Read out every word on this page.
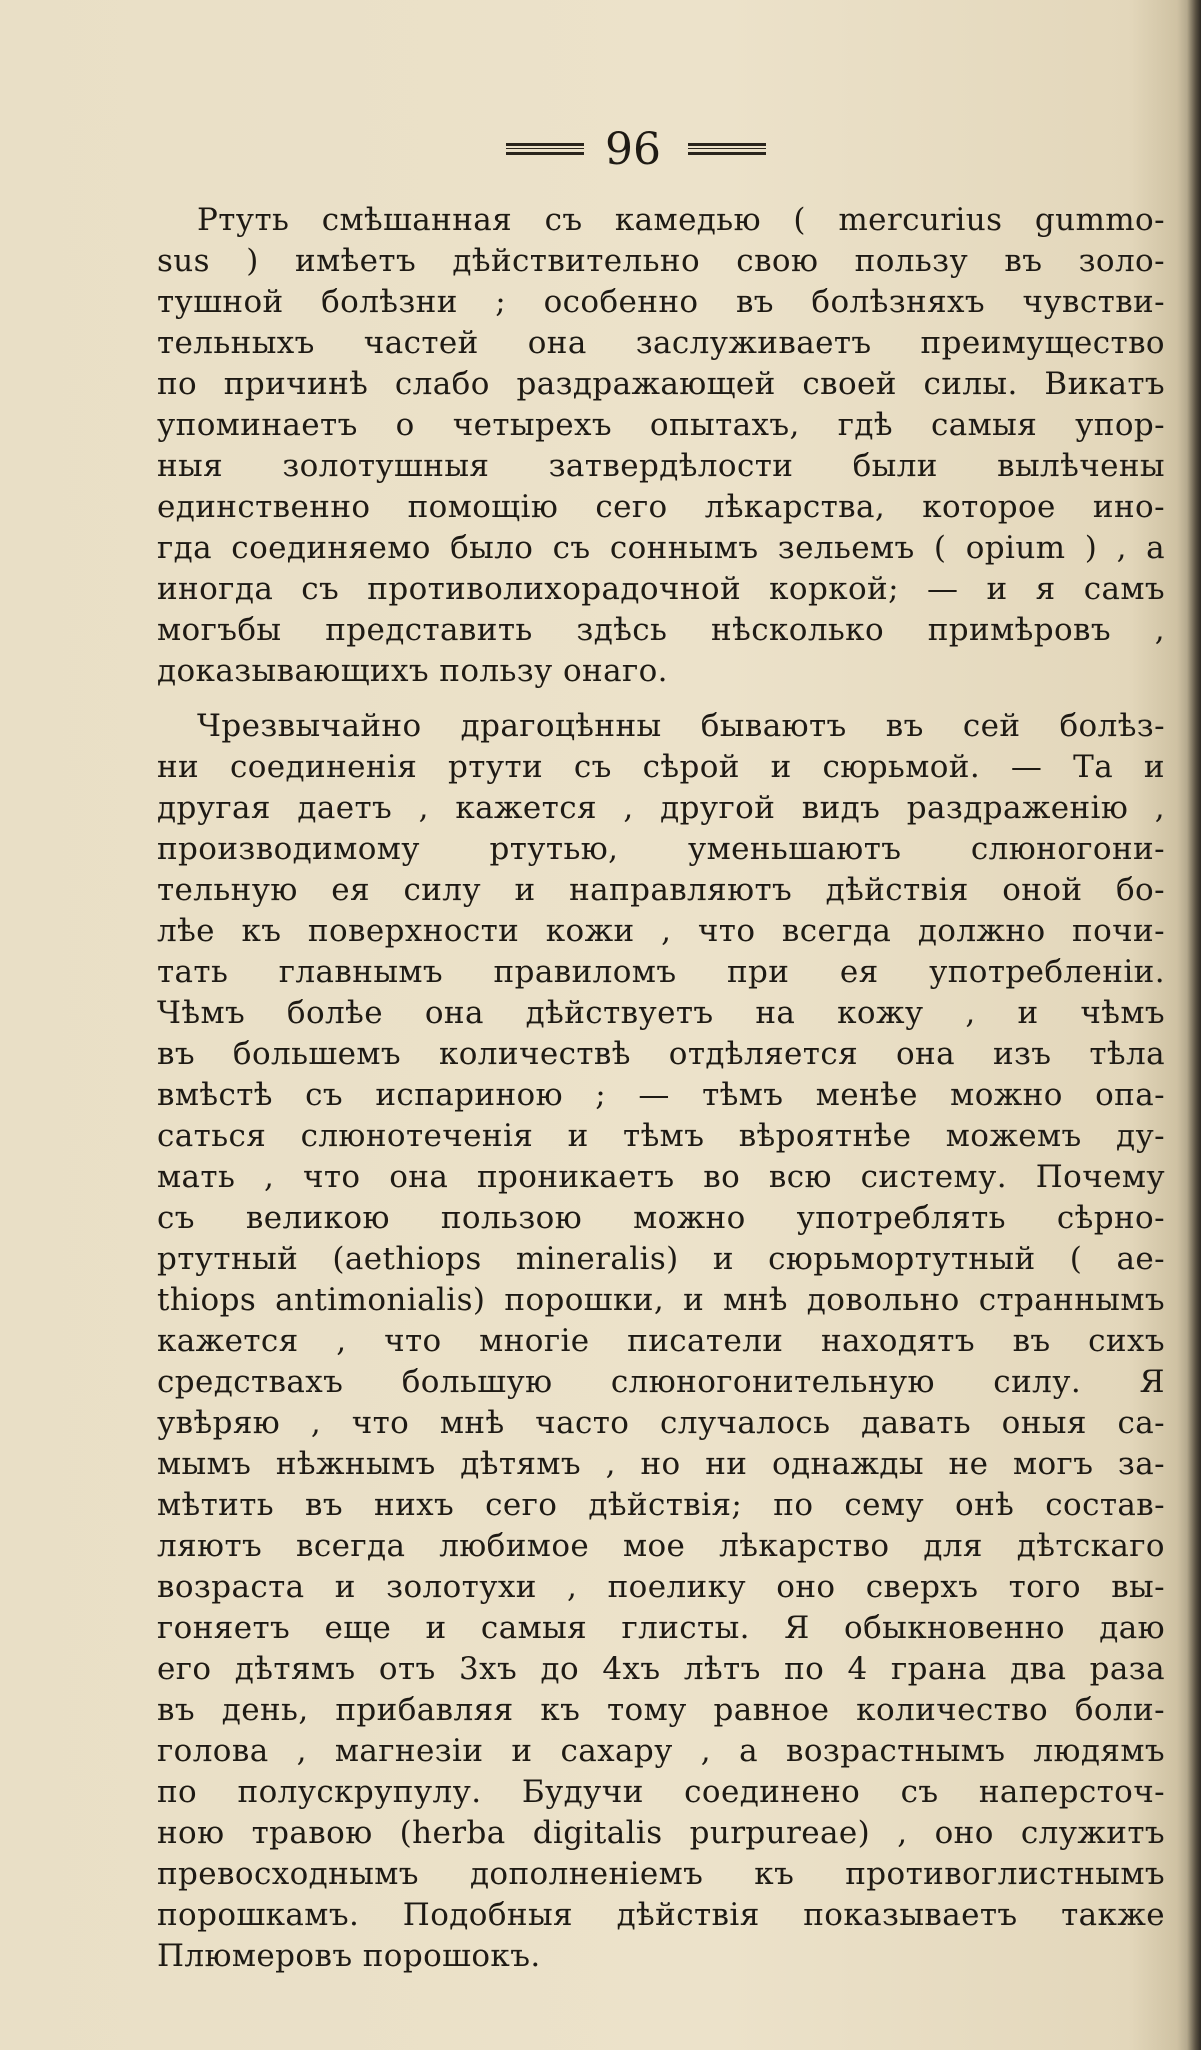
96
Ртуть смѣшанная съ камедью ( mercurius gummo-
sus ) имѣетъ дѣйствительно свою пользу въ золо-
тушной болѣзни ; особенно въ болѣзняхъ чувстви-
тельныхъ частей она заслуживаетъ преимущество
по причинѣ слабо раздражающей своей силы. Викатъ
упоминаетъ о четырехъ опытахъ, гдѣ самыя упор-
ныя золотушныя затвердѣлости были вылѣчены
единственно помощію сего лѣкарства, которое ино-
гда соединяемо было съ соннымъ зельемъ ( opium ) , а
иногда съ противолихорадочной коркой; — и я самъ
могъбы представить здѣсь нѣсколько примѣровъ ,
доказывающихъ пользу онаго.
Чрезвычайно драгоцѣнны бываютъ въ сей болѣз-
ни соединенія ртути съ сѣрой и сюрьмой. — Та и
другая даетъ , кажется , другой видъ раздраженію ,
производимому ртутью, уменьшаютъ слюногони-
тельную ея силу и направляютъ дѣйствія оной бо-
лѣе къ поверхности кожи , что всегда должно почи-
тать главнымъ правиломъ при ея употребленіи.
Чѣмъ болѣе она дѣйствуетъ на кожу , и чѣмъ
въ большемъ количествѣ отдѣляется она изъ тѣла
вмѣстѣ съ испариною ; — тѣмъ менѣе можно опа-
саться слюнотеченія и тѣмъ вѣроятнѣе можемъ ду-
мать , что она проникаетъ во всю систему. Почему
съ великою пользою можно употреблять сѣрно-
ртутный (aethiops mineralis) и сюрьмортутный ( ae-
thiops antimonialis) порошки, и мнѣ довольно страннымъ
кажется , что многіе писатели находятъ въ сихъ
средствахъ большую слюногонительную силу. Я
увѣряю , что мнѣ часто случалось давать оныя са-
мымъ нѣжнымъ дѣтямъ , но ни однажды не могъ за-
мѣтить въ нихъ сего дѣйствія; по сему онѣ состав-
ляютъ всегда любимое мое лѣкарство для дѣтскаго
возраста и золотухи , поелику оно сверхъ того вы-
гоняетъ еще и самыя глисты. Я обыкновенно даю
его дѣтямъ отъ 3хъ до 4хъ лѣтъ по 4 грана два раза
въ день, прибавляя къ тому равное количество боли-
голова , магнезіи и сахару , а возрастнымъ людямъ
по полускрупулу. Будучи соединено съ наперсточ-
ною травою (herba digitalis purpureae) , оно служитъ
превосходнымъ дополненіемъ къ противоглистнымъ
порошкамъ. Подобныя дѣйствія показываетъ также
Плюмеровъ порошокъ.
